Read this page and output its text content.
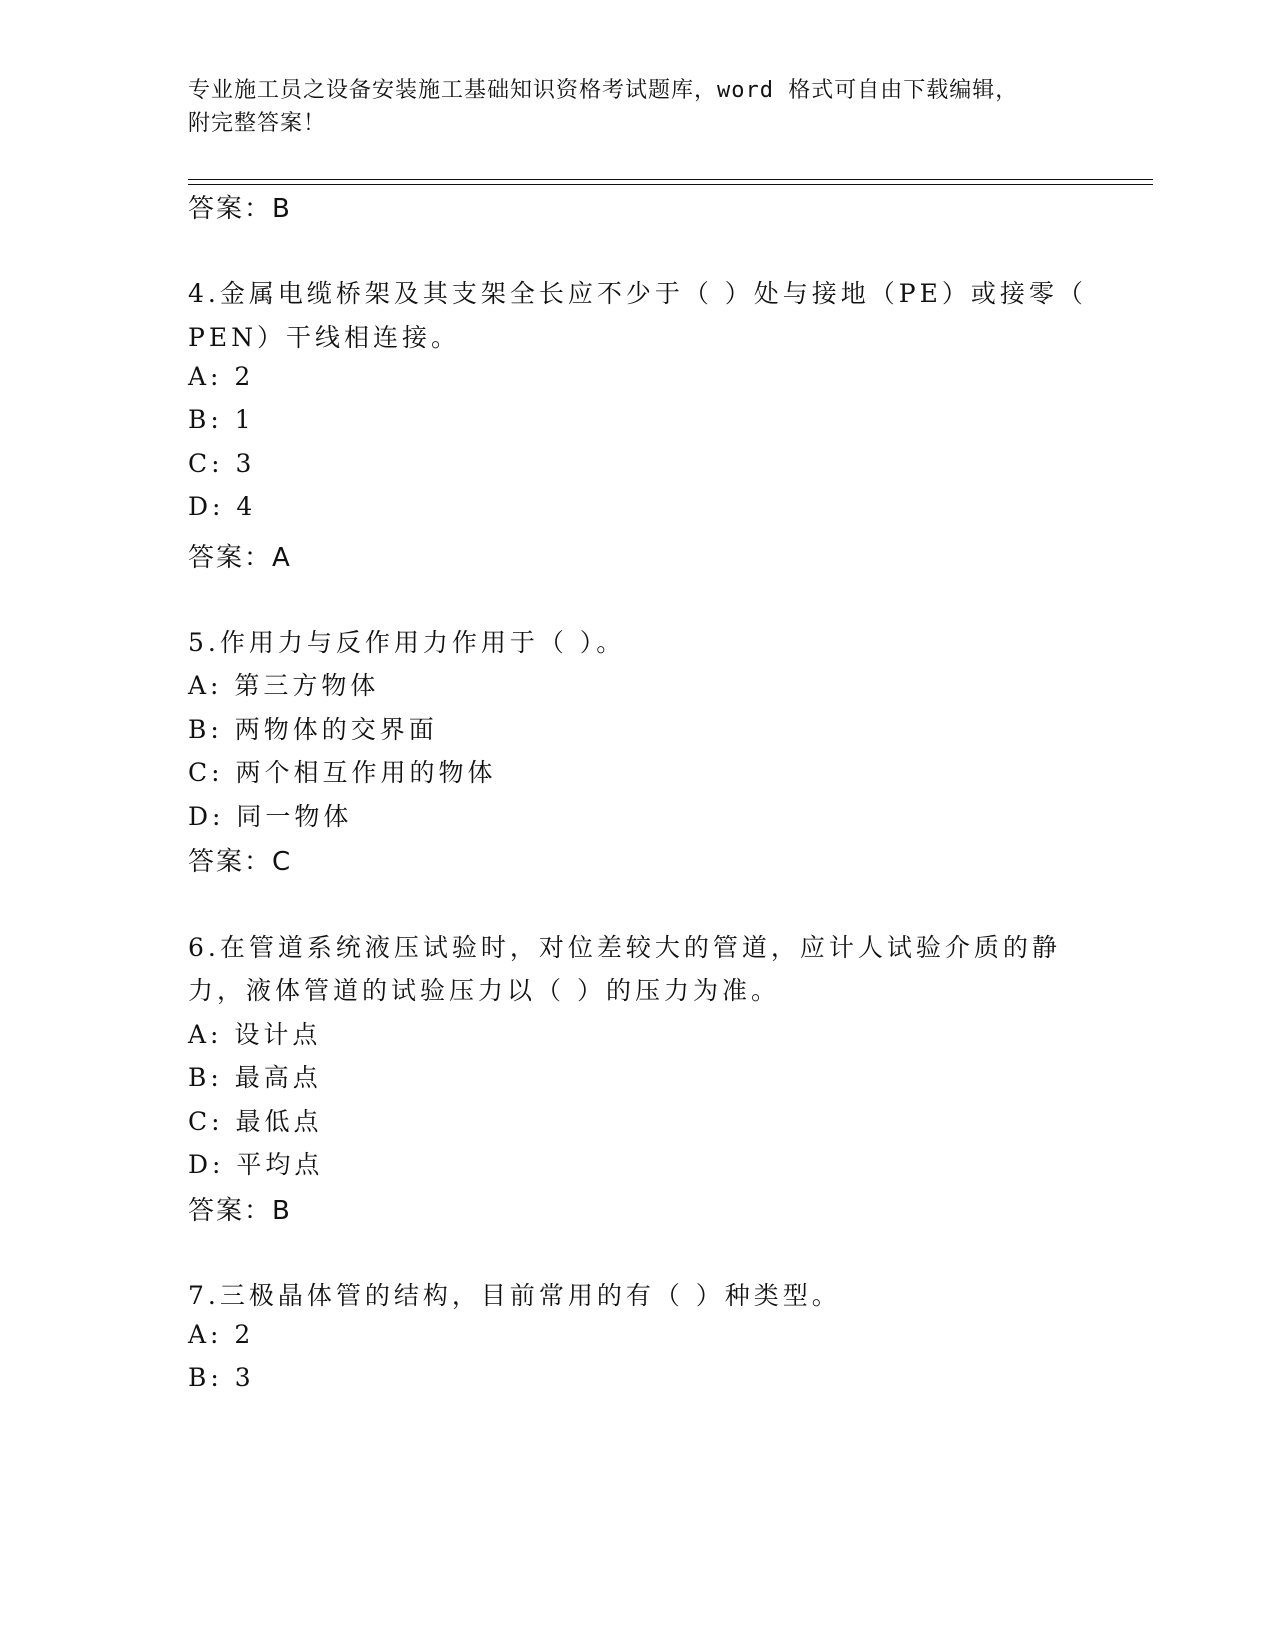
专业施工员之设备安装施工基础知识资格考试题库，word 格式可自由下载编辑，
附完整答案！
答案：B
4.金属电缆桥架及其支架全长应不少于（ ）处与接地（PE）或接零（
PEN）干线相连接。
A: 2
B: 1
C: 3
D: 4
答案：A
5.作用力与反作用力作用于（ ）。
A: 第三方物体
B: 两物体的交界面
C: 两个相互作用的物体
D: 同一物体
答案：C
6.在管道系统液压试验时，对位差较大的管道，应计人试验介质的静
力，液体管道的试验压力以（ ）的压力为准。
A: 设计点
B: 最高点
C: 最低点
D: 平均点
答案：B
7.三极晶体管的结构，目前常用的有（ ）种类型。
A: 2
B: 3
